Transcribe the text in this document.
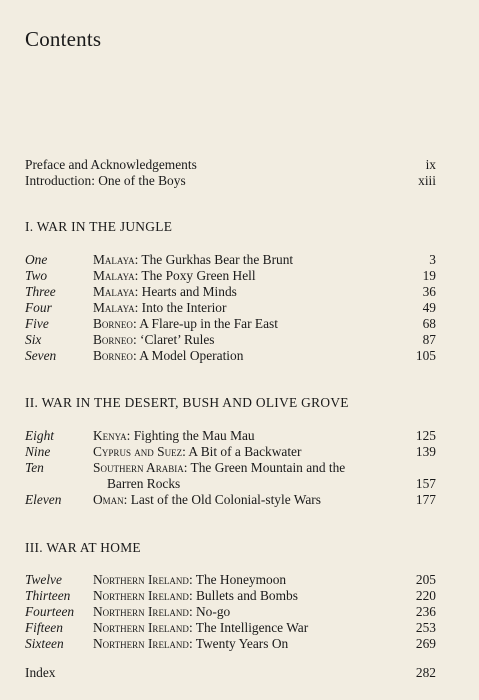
Contents
Preface and Acknowledgements	ix
Introduction: One of the Boys	xiii
I. WAR IN THE JUNGLE
One	Malaya: The Gurkhas Bear the Brunt	3
Two	Malaya: The Poxy Green Hell	19
Three	Malaya: Hearts and Minds	36
Four	Malaya: Into the Interior	49
Five	Borneo: A Flare-up in the Far East	68
Six	Borneo: ‘Claret’ Rules	87
Seven	Borneo: A Model Operation	105
II. WAR IN THE DESERT, BUSH AND OLIVE GROVE
Eight	Kenya: Fighting the Mau Mau	125
Nine	Cyprus and Suez: A Bit of a Backwater	139
Ten	Southern Arabia: The Green Mountain and the
Barren Rocks	157
Eleven Oman: Last of the Old Colonial-style Wars	177
III. WAR AT HOME
Twelve Northern Ireland: The Honeymoon	205
Thirteen Northern Ireland: Bullets and Bombs	220
Fourteen Northern Ireland: No-go	236
Fifteen Northern Ireland: The Intelligence War	253
Sixteen Northern Ireland: Twenty Years On	269
Index	282
